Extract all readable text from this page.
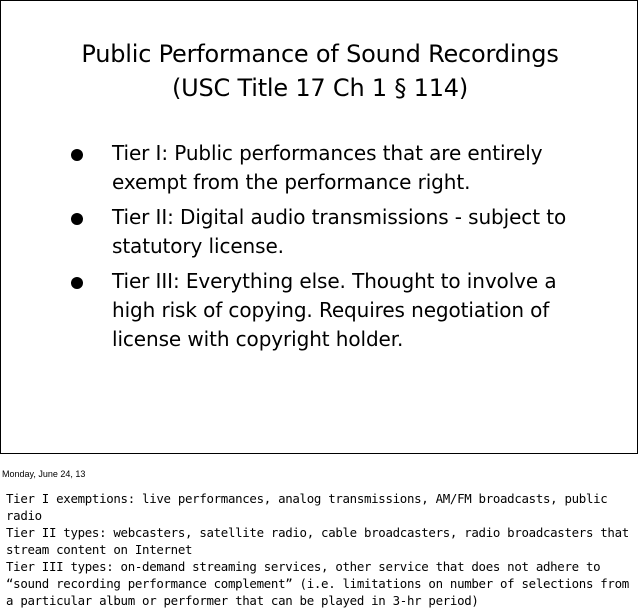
Public Performance of Sound Recordings
(USC Title 17 Ch 1 § 114)
Tier I: Public performances that are entirely exempt from the performance right.
Tier II: Digital audio transmissions - subject to statutory license.
Tier III: Everything else. Thought to involve a high risk of copying. Requires negotiation of license with copyright holder.
Monday, June 24, 13
Tier I exemptions: live performances, analog transmissions, AM/FM broadcasts, public radio
Tier II types: webcasters, satellite radio, cable broadcasters, radio broadcasters that stream content on Internet
Tier III types: on-demand streaming services, other service that does not adhere to “sound recording performance complement” (i.e. limitations on number of selections from a particular album or performer that can be played in 3-hr period)
